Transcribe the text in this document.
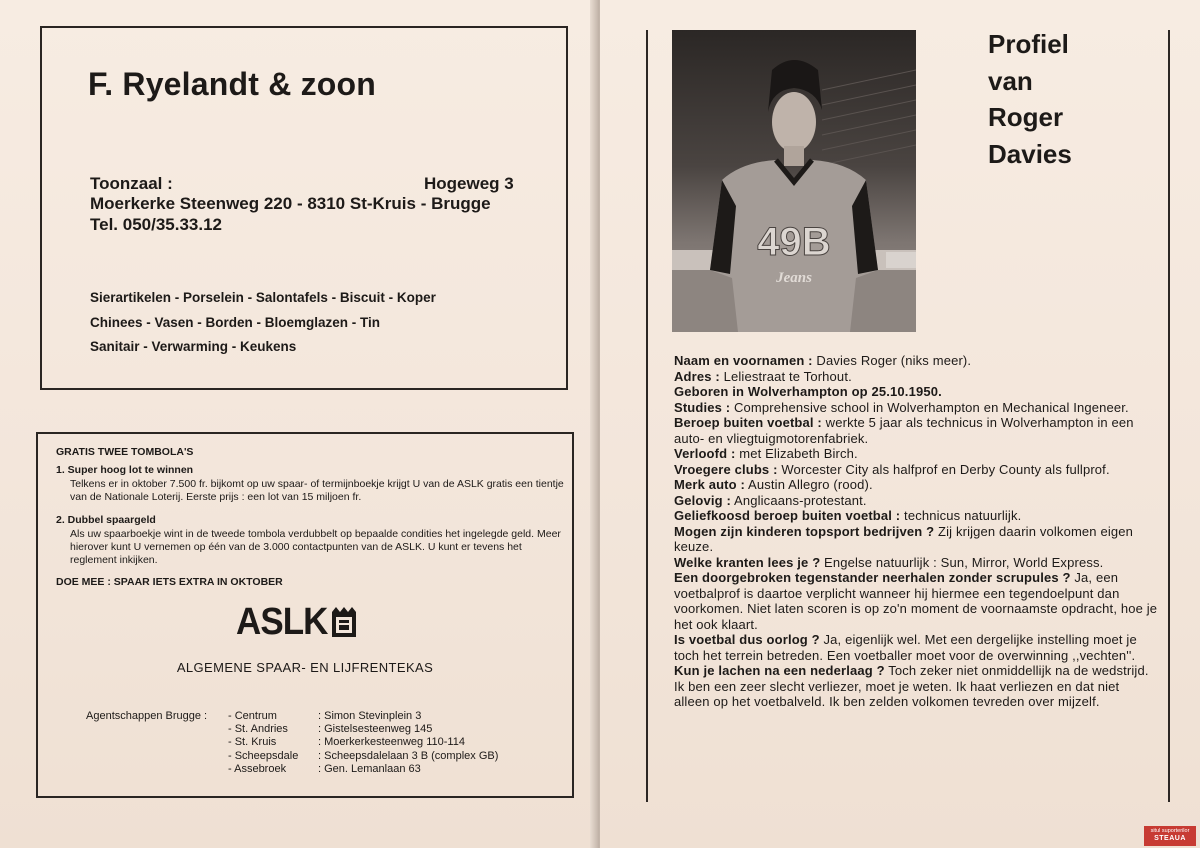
F. Ryelandt & zoon
Toonzaal :	Hogeweg 3
Moerkerke Steenweg 220 - 8310 St-Kruis - Brugge
Tel. 050/35.33.12
Sierartikelen - Porselein - Salontafels - Biscuit - Koper
Chinees - Vasen - Borden - Bloemglazen - Tin
Sanitair - Verwarming - Keukens
GRATIS TWEE TOMBOLA'S
1. Super hoog lot te winnen
Telkens er in oktober 7.500 fr. bijkomt op uw spaar- of termijnboekje krijgt U van de ASLK gratis een tientje van de Nationale Loterij. Eerste prijs : een lot van 15 miljoen fr.
2. Dubbel spaargeld
Als uw spaarboekje wint in de tweede tombola verdubbelt op bepaalde condities het ingelegde geld. Meer hierover kunt U vernemen op één van de 3.000 contactpunten van de ASLK. U kunt er tevens het reglement inkijken.
DOE MEE : SPAAR IETS EXTRA IN OKTOBER
ASLK
ALGEMENE SPAAR- EN LIJFRENTEKAS
Agentschappen Brugge : - Centrum	: Simon Stevinplein 3
- St. Andries	: Gistelsesteenweg 145
- St. Kruis	: Moerkerkesteenweg 110-114
- Scheepsdale	: Scheepsdalelaan 3 B (complex GB)
- Assebroek	: Gen. Lemanlaan 63
49B
Jeans
Profiel
van
Roger
Davies

Naam en voornamen : Davies Roger (niks meer).

Adres : Leliestraat te Torhout.

Geboren in Wolverhampton op 25.10.1950.

Studies : Comprehensive school in Wolverhampton en Mechanical Ingeneer.

Beroep buiten voetbal : werkte 5 jaar als technicus in Wolverhampton in een auto- en vliegtuigmotorenfabriek.

Verloofd : met Elizabeth Birch.

Vroegere clubs : Worcester City als halfprof en Derby County als fullprof.

Merk auto : Austin Allegro (rood).

Gelovig : Anglicaans-protestant.

Geliefkoosd beroep buiten voetbal : technicus natuurlijk.

Mogen zijn kinderen topsport bedrijven ? Zij krijgen daarin volkomen eigen keuze.

Welke kranten lees je ? Engelse natuurlijk : Sun, Mirror, World Express.

Een doorgebroken tegenstander neerhalen zonder scrupules ? Ja, een voetbalprof is daartoe verplicht wanneer hij hiermee een tegendoelpunt dan voorkomen. Niet laten scoren is op zo'n moment de voornaamste opdracht, hoe je het ook klaart.

Is voetbal dus oorlog ? Ja, eigenlijk wel. Met een dergelijke instelling moet je toch het terrein betreden. Een voetballer moet voor de overwinning ,,vechten''.

Kun je lachen na een nederlaag ? Toch zeker niet onmiddellijk na de wedstrijd. Ik ben een zeer slecht verliezer, moet je weten. Ik haat verliezen en dat niet alleen op het voetbalveld. Ik ben zelden volkomen tevreden over mijzelf.

situl suporterilor
STEAUA
